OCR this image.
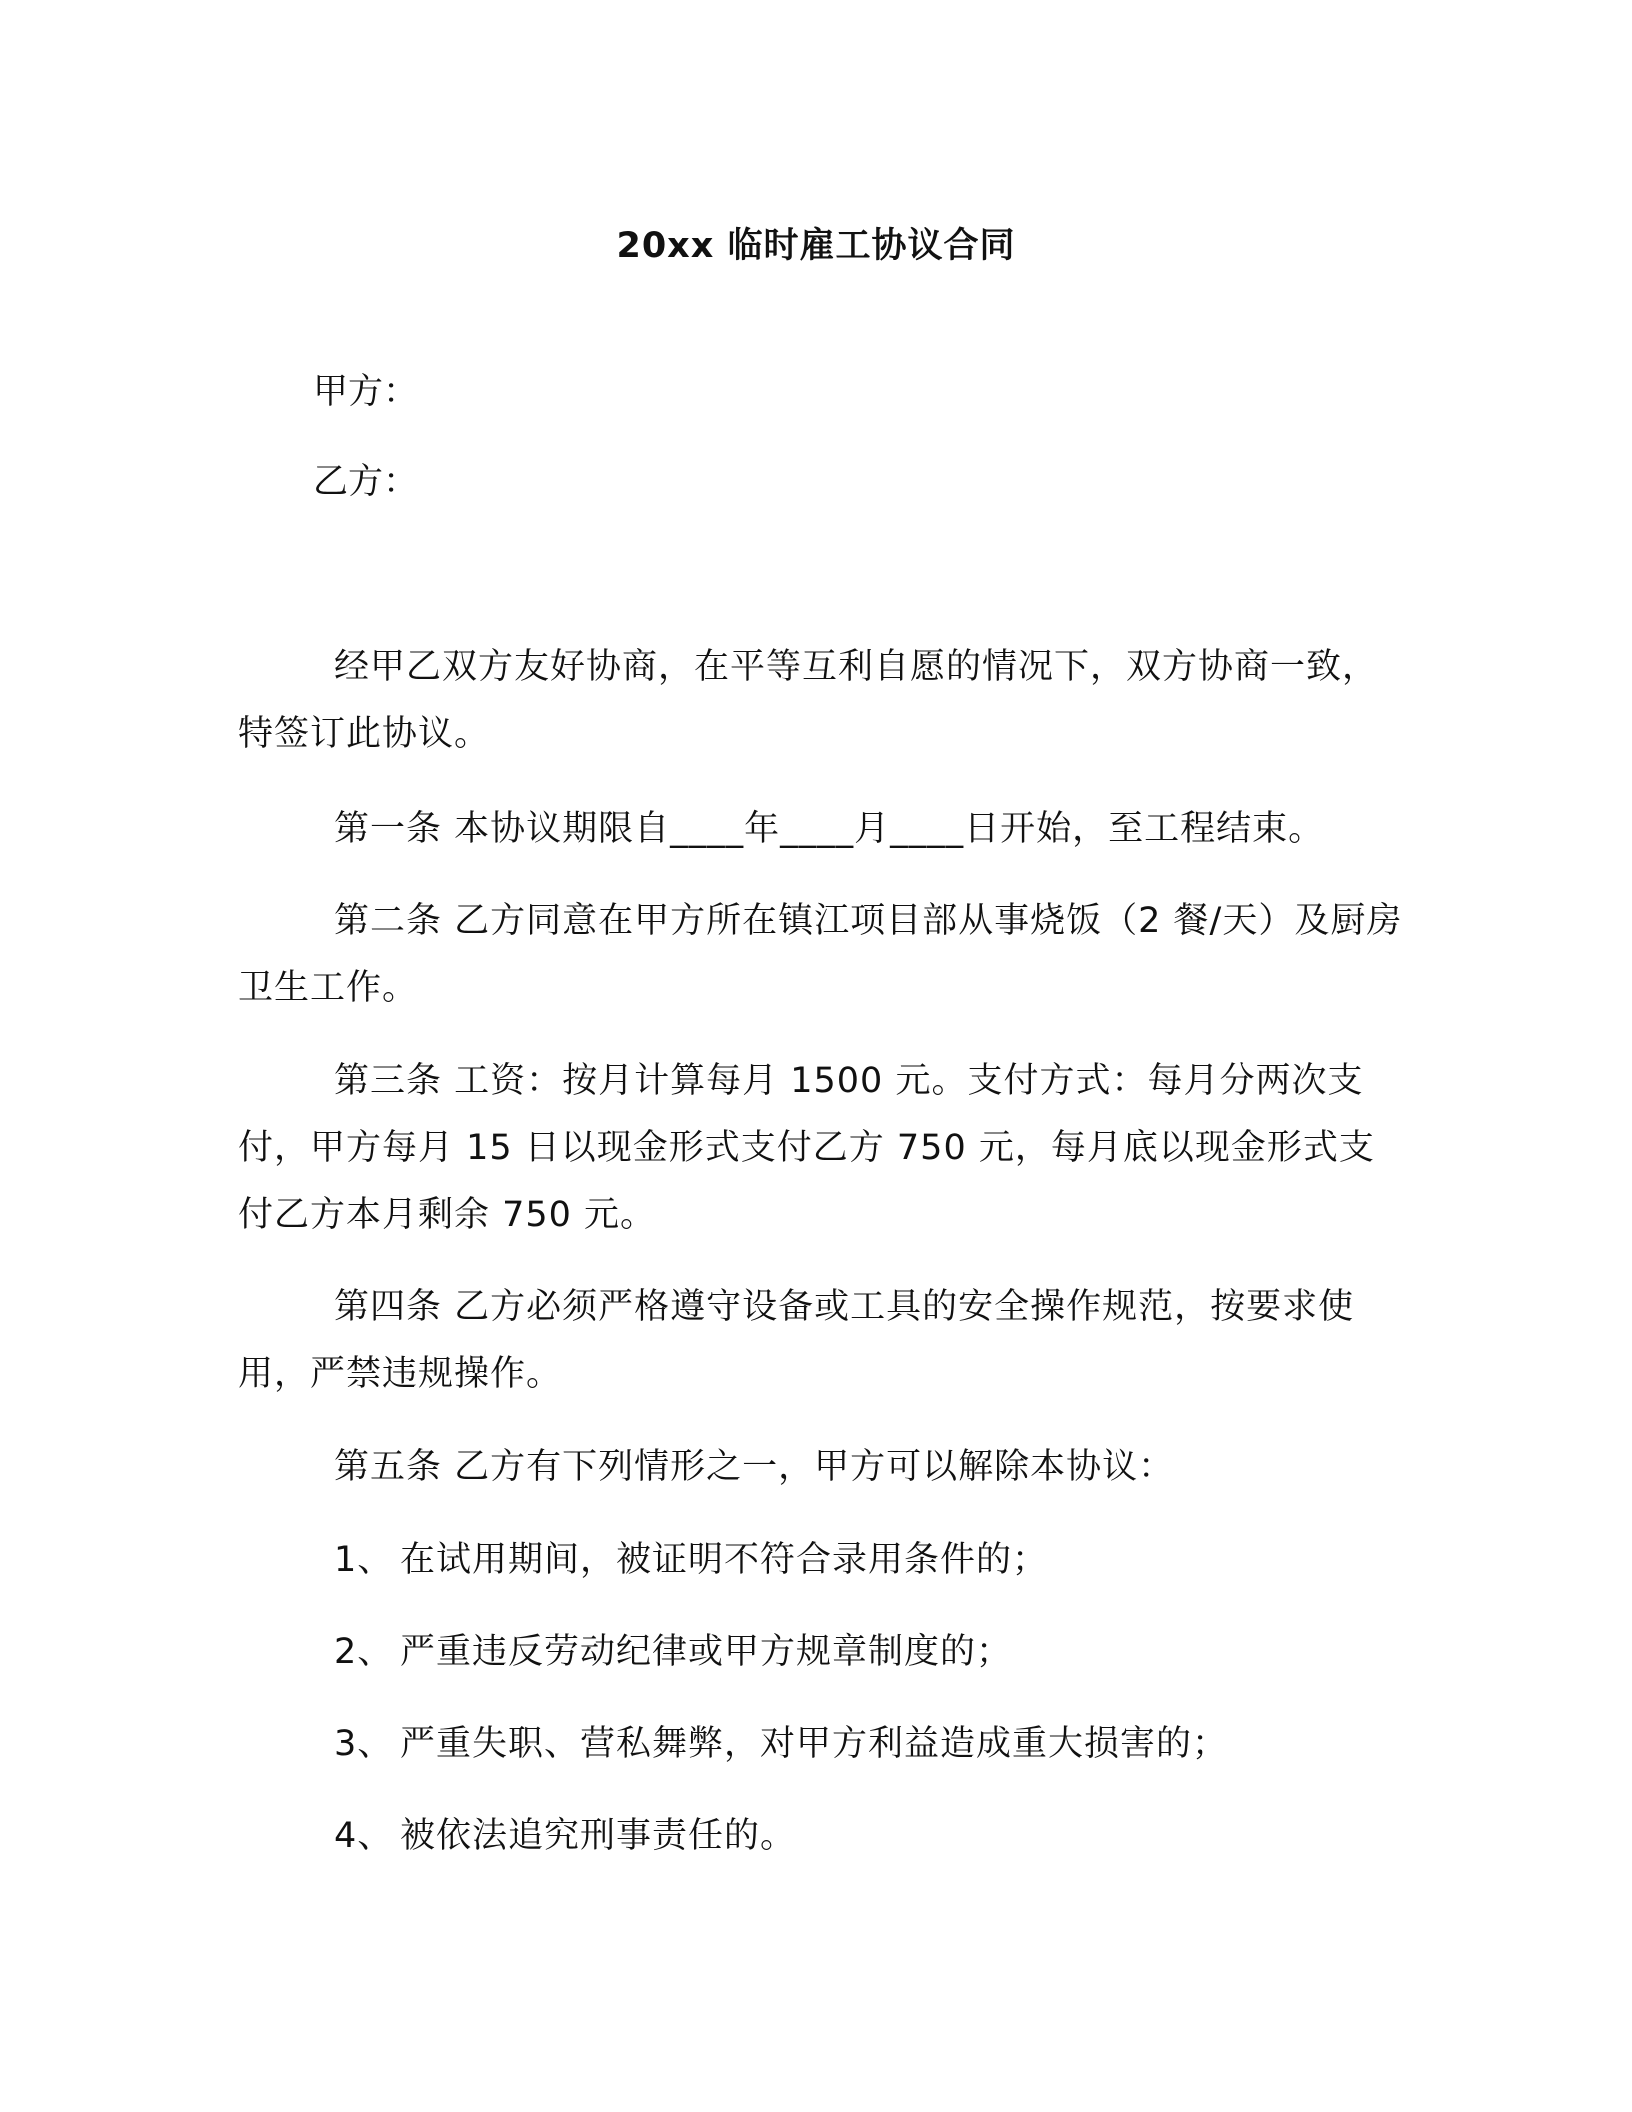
20xx 临时雇工协议合同
甲方：
乙方：

经甲乙双方友好协商，在平等互利自愿的情况下，双方协商一致，特签订此协议。

第一条 本协议期限自____年____月____日开始，至工程结束。

第二条 乙方同意在甲方所在镇江项目部从事烧饭（2 餐/天）及厨房卫生工作。

第三条 工资：按月计算每月 1500 元。支付方式：每月分两次支付，甲方每月 15 日以现金形式支付乙方 750 元，每月底以现金形式支付乙方本月剩余 750 元。

第四条 乙方必须严格遵守设备或工具的安全操作规范，按要求使用，严禁违规操作。

第五条 乙方有下列情形之一，甲方可以解除本协议：

1、 在试用期间，被证明不符合录用条件的；
2、 严重违反劳动纪律或甲方规章制度的；
3、 严重失职、营私舞弊，对甲方利益造成重大损害的；
4、 被依法追究刑事责任的。
